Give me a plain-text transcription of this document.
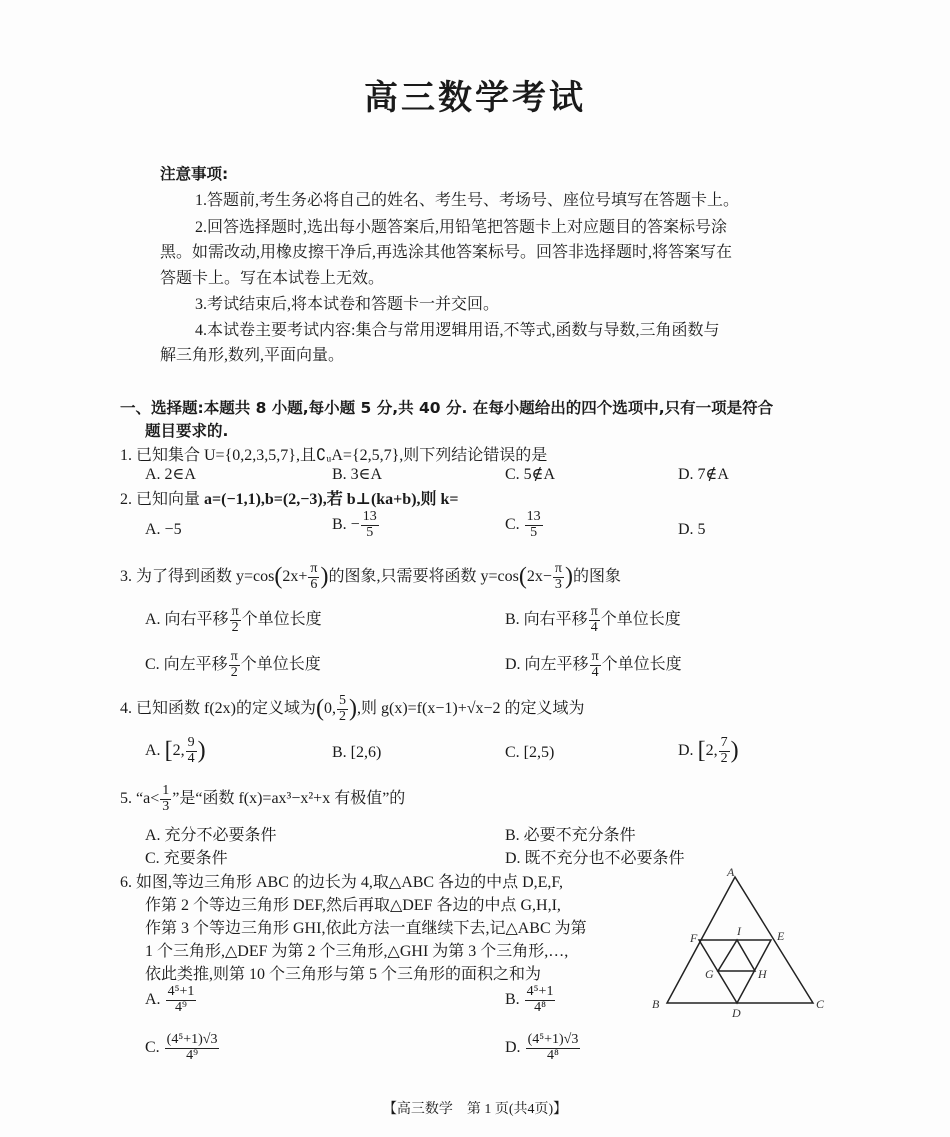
高三数学考试
注意事项:
1.答题前,考生务必将自己的姓名、考生号、考场号、座位号填写在答题卡上。
2.回答选择题时,选出每小题答案后,用铅笔把答题卡上对应题目的答案标号涂
黑。如需改动,用橡皮擦干净后,再选涂其他答案标号。回答非选择题时,将答案写在
答题卡上。写在本试卷上无效。
3.考试结束后,将本试卷和答题卡一并交回。
4.本试卷主要考试内容:集合与常用逻辑用语,不等式,函数与导数,三角函数与
解三角形,数列,平面向量。
一、选择题:本题共 8 小题,每小题 5 分,共 40 分. 在每小题给出的四个选项中,只有一项是符合
题目要求的.
1. 已知集合 U={0,2,3,5,7},且∁ᵤA={2,5,7},则下列结论错误的是
A. 2∈A	B. 3∈A	C. 5∉A	D. 7∉A
2. 已知向量 a=(−1,1),b=(2,−3),若 b⊥(ka+b),则 k=
A. −5	B. − $\frac{13}{5}$	C. $\frac{13}{5}$	D. 5
3. 为了得到函数 $y=\cos(2x+ \frac{\pi}{6}$ )的图象,只需要将函数 $y=\cos(2x- \frac{\pi}{3}$ )的图象
A. 向右平移 $\frac{\pi}{2}$ 个单位长度	B. 向右平移 $\frac{\pi}{4}$ 个单位长度
C. 向左平移 $\frac{\pi}{2}$ 个单位长度	D. 向左平移 $\frac{\pi}{4}$ 个单位长度
4. 已知函数 f(2x)的定义域为(0, $\frac{5}{2}$ ),则 g(x)=f(x−1)+√x−2 的定义域为
A. [2, $\frac{9}{4}$ )	B. [2,6)	C. [2,5)	D. [2, $\frac{7}{2}$ )
5. “$a< \frac{1}{3}$ ”是“函数 f(x)=ax³−x²+x 有极值”的
A. 充分不必要条件	B. 必要不充分条件
C. 充要条件	D. 既不充分也不必要条件
6. 如图,等边三角形 ABC 的边长为 4,取△ABC 各边的中点 D,E,F,
作第 2 个等边三角形 DEF,然后再取△DEF 各边的中点 G,H,I,
作第 3 个等边三角形 GHI,依此方法一直继续下去,记△ABC 为第
1 个三角形,△DEF 为第 2 个三角形,△GHI 为第 3 个三角形,…,
依此类推,则第 10 个三角形与第 5 个三角形的面积之和为
A. $\frac{\text{4⁵+1}}{\text{4⁹}}$	B. $\frac{\text{4⁵+1}}{\text{4⁸}}$
C. $\frac{\text{(4⁵+1)√3}}{\text{4⁹}}$	D. $\frac{\text{(4⁵+1)√3}}{\text{4⁸}}$
A
B	C
D
E
F
G	H
I
【高三数学　第 1 页(共4页)】
